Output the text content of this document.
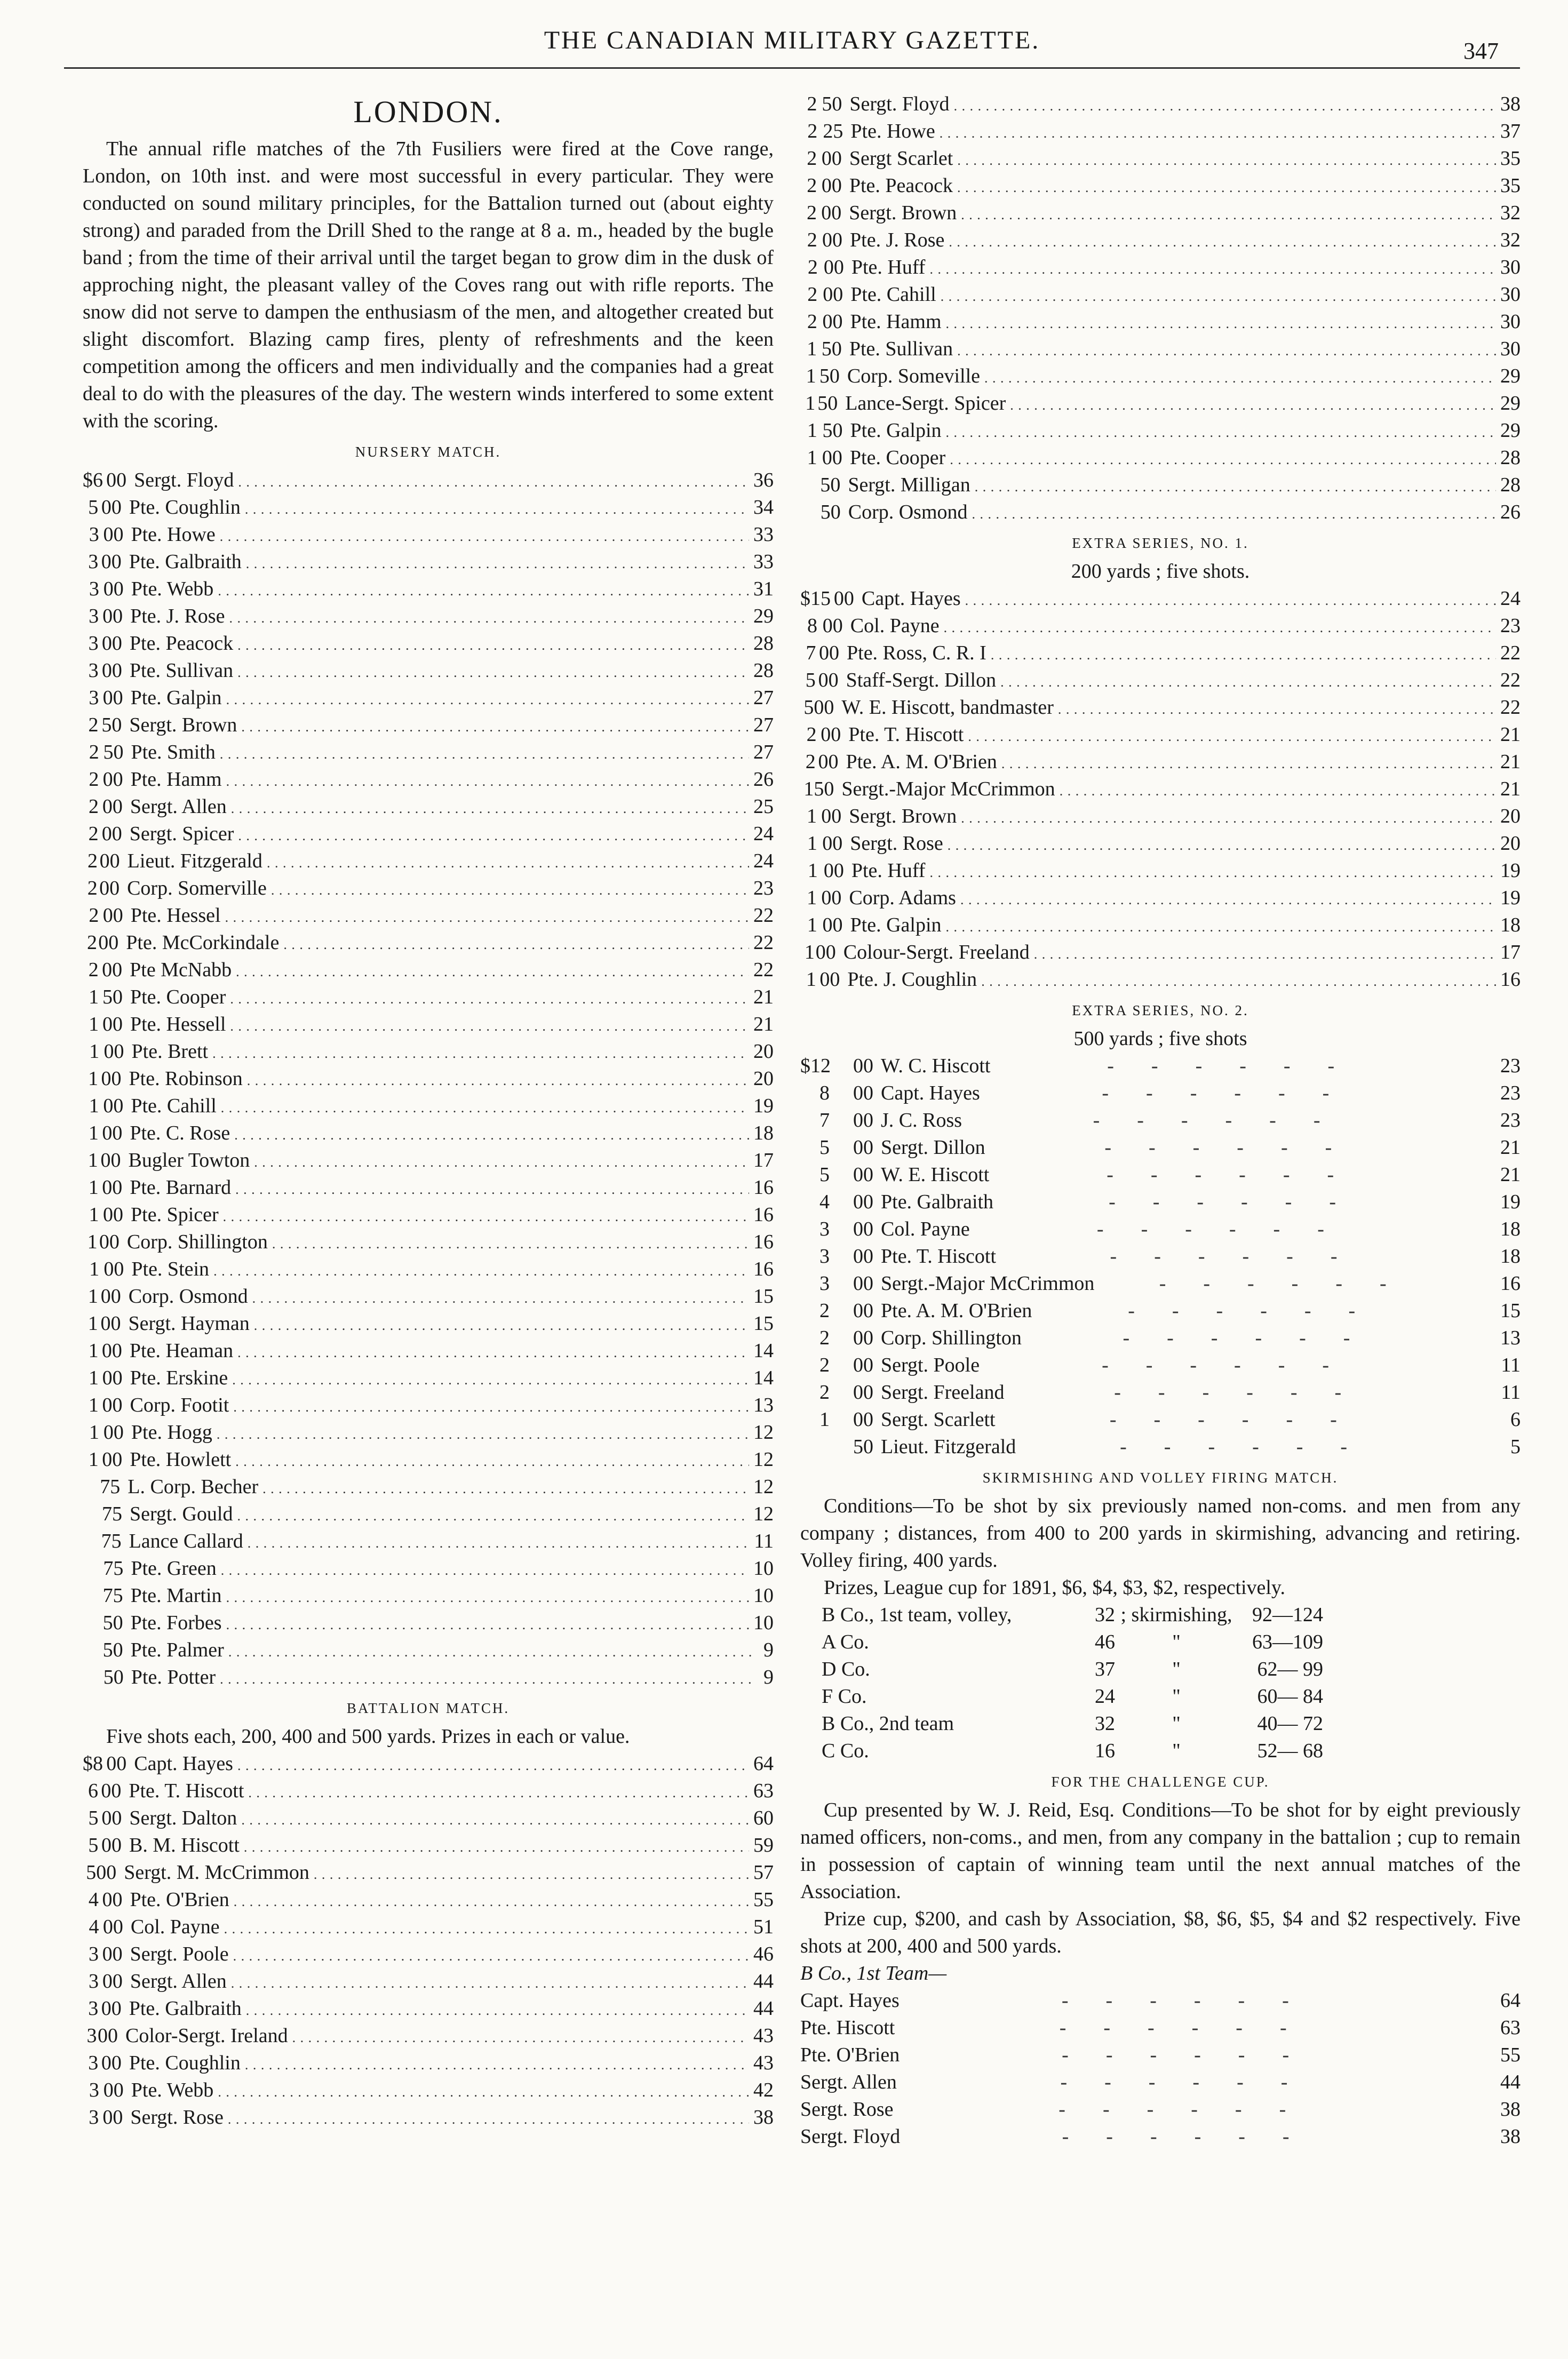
THE CANADIAN MILITARY GAZETTE.	347
LONDON.

The annual rifle matches of the 7th Fusiliers were fired at the Cove range, London, on 10th inst. and were most successful in every particular. They were conducted on sound military principles, for the Battalion turned out (about eighty strong) and paraded from the Drill Shed to the range at 8 a. m., headed by the bugle band ; from the time of their arrival until the target began to grow dim in the dusk of approching night, the pleasant valley of the Coves rang out with rifle reports. The snow did not serve to dampen the enthusiasm of the men, and altogether created but slight discomfort. Blazing camp fires, plenty of refreshments and the keen competition among the officers and men individually and the companies had a great deal to do with the pleasures of the day. The western winds interfered to some extent with the scoring.

NURSERY MATCH.
$6 00 Sergt. Floyd . . .	36
5 00 Pte. Coughlin . . .	34
3 00 Pte. Howe . . .	33
3 00 Pte. Galbraith . . .	33
3 00 Pte. Webb . . .	31
3 00 Pte. J. Rose . . .	29
3 00 Pte. Peacock . . .	28
3 00 Pte. Sullivan . . .	28
3 00 Pte. Galpin . . .	27
2 50 Sergt. Brown . . .	27
2 50 Pte. Smith . . .	27
2 00 Pte. Hamm . . .	26
2 00 Sergt. Allen . . .	25
2 00 Sergt. Spicer . . .	24
2 00 Lieut. Fitzgerald . . .	24
2 00 Corp. Somerville . . .	23
2 00 Pte. Hessel . . .	22
2 00 Pte. McCorkindale . . .	22
2 00 Pte McNabb . . .	22
1 50 Pte. Cooper . . .	21
1 00 Pte. Hessell . . .	21
1 00 Pte. Brett . . .	20
1 00 Pte. Robinson . . .	20
1 00 Pte. Cahill . . .	19
1 00 Pte. C. Rose . . .	18
1 00 Bugler Towton . . .	17
1 00 Pte. Barnard . . .	16
1 00 Pte. Spicer . . .	16
1 00 Corp. Shillington . . .	16
1 00 Pte. Stein . . .	16
1 00 Corp. Osmond . . .	15
1 00 Sergt. Hayman . . .	15
1 00 Pte. Heaman . . .	14
1 00 Pte. Erskine . . .	14
1 00 Corp. Footit . . .	13
1 00 Pte. Hogg . . .	12
1 00 Pte. Howlett . . .	12
75 L. Corp. Becher . . .	12
75 Sergt. Gould . . .	12
75 Lance Callard . . .	11
75 Pte. Green . . .	10
75 Pte. Martin . . .	10
50 Pte. Forbes . . .	10
50 Pte. Palmer . . .	9
50 Pte. Potter . . .	9
BATTALION MATCH.

Five shots each, 200, 400 and 500 yards. Prizes in each or value.

$8 00 Capt. Hayes . . .	64
6 00 Pte. T. Hiscott . . .	63
5 00 Sergt. Dalton . . .	60
5 00 B. M. Hiscott . . .	59
5 00 Sergt. M. McCrimmon . . .	57
4 00 Pte. O'Brien . . .	55
4 00 Col. Payne . . .	51
3 00 Sergt. Poole . . .	46
3 00 Sergt. Allen . . .	44
3 00 Pte. Galbraith . . .	44
3 00 Color-Sergt. Ireland . . .	43
3 00 Pte. Coughlin . . .	43
3 00 Pte. Webb . . .	42
3 00 Sergt. Rose . . .	38
2 50 Sergt. Floyd . . .	38
2 25 Pte. Howe . . .	37
2 00 Sergt Scarlet . . .	35
2 00 Pte. Peacock . . .	35
2 00 Sergt. Brown . . .	32
2 00 Pte. J. Rose . . .	32
2 00 Pte. Huff . . .	30
2 00 Pte. Cahill . . .	30
2 00 Pte. Hamm . . .	30
1 50 Pte. Sullivan . . .	30
1 50 Corp. Someville . . .	29
1 50 Lance-Sergt. Spicer . . .	29
1 50 Pte. Galpin . . .	29
1 00 Pte. Cooper . . .	28
50 Sergt. Milligan . . .	28
50 Corp. Osmond . . .	26
EXTRA SERIES, NO. 1.
200 yards ; five shots.
$15 00 Capt. Hayes . . .	24
8 00 Col. Payne . . .	23
7 00 Pte. Ross, C. R. I . . .	22
5 00 Staff-Sergt. Dillon . . .	22
5 00 W. E. Hiscott, bandmaster . . .	22
2 00 Pte. T. Hiscott . . .	21
2 00 Pte. A. M. O'Brien . . .	21
1 50 Sergt.-Major McCrimmon . . .	21
1 00 Sergt. Brown . . .	20
1 00 Sergt. Rose . . .	20
1 00 Pte. Huff . . .	19
1 00 Corp. Adams . . .	19
1 00 Pte. Galpin . . .	18
1 00 Colour-Sergt. Freeland . . .	17
1 00 Pte. J. Coughlin . . .	16
EXTRA SERIES, NO. 2.
500 yards ; five shots
$12	00 W. C. Hiscott	------	23
8	00 Capt. Hayes	------	23
7	00 J. C. Ross	------	23
5	00 Sergt. Dillon	------	21
5	00 W. E. Hiscott	------	21
4	00 Pte. Galbraith	------	19
3	00 Col. Payne	------	18
3	00 Pte. T. Hiscott	------	18
3	00 Sergt.-Major McCrimmon	------	16
2	00 Pte. A. M. O'Brien	------	15
2	00 Corp. Shillington	------	13
2	00 Sergt. Poole	------	11
2	00 Sergt. Freeland	------	11
1	00 Sergt. Scarlett	------	6
50 Lieut. Fitzgerald	------	5
SKIRMISHING AND VOLLEY FIRING MATCH.

Conditions—To be shot by six previously named non-coms. and men from any company ; distances, from 400 to 200 yards in skirmishing, advancing and retiring. Volley firing, 400 yards.

Prizes, League cup for 1891, $6, $4, $3, $2, respectively.

B Co., 1st team, volley,	32 ; skirmishing, 92—124
A Co.	46	"	63—109
D Co.	37	"	62— 99
F Co.	24	"	60— 84
B Co., 2nd team	32	"	40— 72
C Co.	16	"	52— 68
FOR THE CHALLENGE CUP.

Cup presented by W. J. Reid, Esq. Conditions—To be shot for by eight previously named officers, non-coms., and men, from any company in the battalion ; cup to remain in possession of captain of winning team until the next annual matches of the Association.

Prize cup, $200, and cash by Association, $8, $6, $5, $4 and $2 respectively. Five shots at 200, 400 and 500 yards.

B Co., 1st Team—
Capt. Hayes	------	64
Pte. Hiscott	------	63
Pte. O'Brien	------	55
Sergt. Allen	------	44
Sergt. Rose	------	38
Sergt. Floyd	------	38
